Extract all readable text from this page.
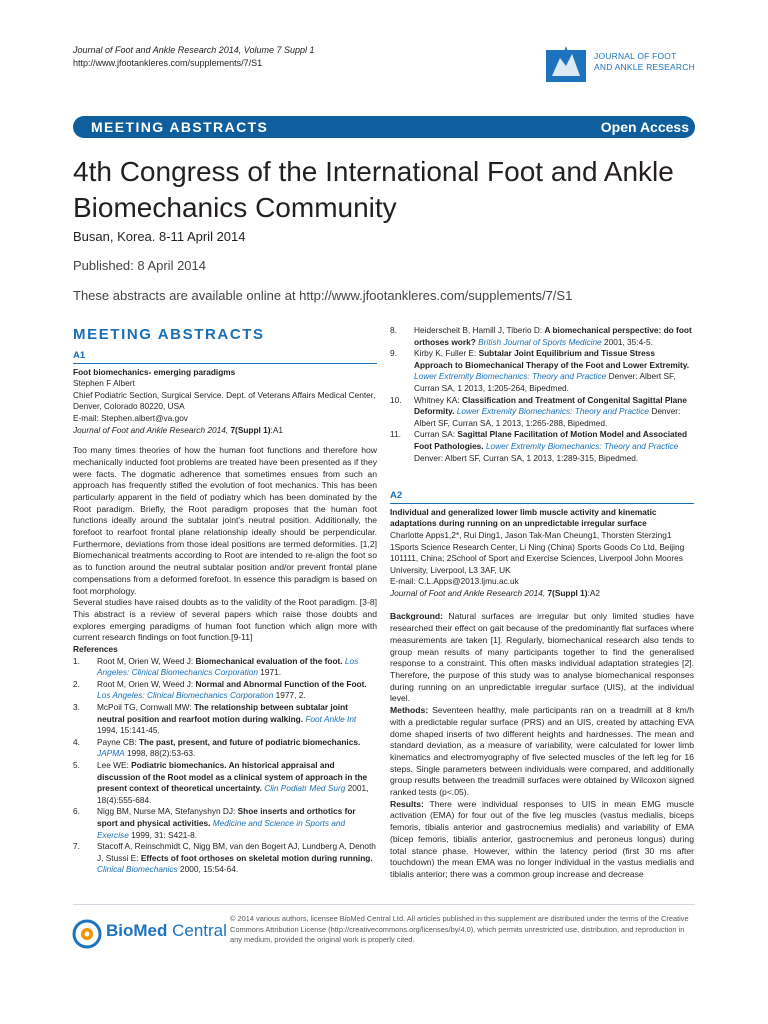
Journal of Foot and Ankle Research 2014, Volume 7 Suppl 1
http://www.jfootankleres.com/supplements/7/S1
JOURNAL OF FOOT
AND ANKLE RESEARCH
MEETING ABSTRACTS	Open Access
4th Congress of the International Foot and Ankle Biomechanics Community
Busan, Korea. 8-11 April 2014
Published: 8 April 2014
These abstracts are available online at http://www.jfootankleres.com/supplements/7/S1
MEETING ABSTRACTS
A1
Foot biomechanics- emerging paradigms
Stephen F Albert
Chief Podiatric Section, Surgical Service. Dept. of Veterans Affairs Medical Center, Denver, Colorado 80220, USA
E-mail: Stephen.albert@va.gov
Journal of Foot and Ankle Research 2014, 7(Suppl 1):A1
Too many times theories of how the human foot functions and therefore how mechanically inducted foot problems are treated have been presented as if they were facts. The dogmatic adherence that sometimes ensues from such an approach has frequently stifled the evolution of foot mechanics. This has been particularly apparent in the field of podiatry which has been dominated by the Root paradigm. Briefly, the Root paradigm proposes that the human foot functions ideally around the subtalar joint's neutral position. Additionally, the forefoot to rearfoot frontal plane relationship ideally should be perpendicular. Furthermore, deviations from those ideal positions are termed deformities. [1,2] Biomechanical treatments according to Root are intended to re-align the foot so as to function around the neutral subtalar position and/or prevent frontal plane compensations from a deformed forefoot. In essence this paradigm is based on foot morphology.
Several studies have raised doubts as to the validity of the Root paradigm. [3-8] This abstract is a review of several papers which raise those doubts and explores emerging paradigms of human foot function which align more with current research findings on foot function.[9-11]
References
1. Root M, Orien W, Weed J: Biomechanical evaluation of the foot. Los Angeles: Clinical Biomechanics Corporation 1971.
2. Root M, Orien W, Weed J: Normal and Abnormal Function of the Foot. Los Angeles: Clinical Biomechanics Corporation 1977, 2.
3. McPoil TG, Cornwall MW: The relationship between subtalar joint neutral position and rearfoot motion during walking. Foot Ankle Int 1994, 15:141-45.
4. Payne CB: The past, present, and future of podiatric biomechanics. JAPMA 1998, 88(2):53-63.
5. Lee WE: Podiatric biomechanics. An historical appraisal and discussion of the Root model as a clinical system of approach in the present context of theoretical uncertainty. Clin Podiatr Med Surg 2001, 18(4):555-684.
6. Nigg BM, Nurse MA, Stefanyshyn DJ: Shoe inserts and orthotics for sport and physical activities. Medicine and Science in Sports and Exercise 1999, 31: S421-8.
7. Stacoff A, Reinschmidt C, Nigg BM, van den Bogert AJ, Lundberg A, Denoth J, Stussi E: Effects of foot orthoses on skeletal motion during running. Clinical Biomechanics 2000, 15:54-64.
8. Heiderscheit B, Hamill J, Tiberio D: A biomechanical perspective: do foot orthoses work? British Journal of Sports Medicine 2001, 35:4-5.
9. Kirby K, Fuller E: Subtalar Joint Equilibrium and Tissue Stress Approach to Biomechanical Therapy of the Foot and Lower Extremity. Lower Extremity Biomechanics: Theory and Practice Denver: Albert SF, Curran SA, 1 2013, 1:205-264, Bipedmed.
10. Whitney KA: Classification and Treatment of Congenital Sagittal Plane Deformity. Lower Extremity Biomechanics: Theory and Practice Denver: Albert SF, Curran SA, 1 2013, 1:265-288, Bipedmed.
11. Curran SA: Sagittal Plane Facilitation of Motion Model and Associated Foot Pathologies. Lower Extremity Biomechanics: Theory and Practice Denver: Albert SF, Curran SA, 1 2013, 1:289-315, Bipedmed.
A2
Individual and generalized lower limb muscle activity and kinematic adaptations during running on an unpredictable irregular surface
Charlotte Apps1,2*, Rui Ding1, Jason Tak-Man Cheung1, Thorsten Sterzing1
1Sports Science Research Center, Li Ning (China) Sports Goods Co Ltd, Beijing 101111, China; 2School of Sport and Exercise Sciences, Liverpool John Moores University, Liverpool, L3 3AF, UK
E-mail: C.L.Apps@2013.ljmu.ac.uk
Journal of Foot and Ankle Research 2014, 7(Suppl 1):A2
Background: Natural surfaces are irregular but only limited studies have researched their effect on gait because of the predominantly flat surfaces where measurements are taken [1]. Regularly, biomechanical research also tends to group mean results of many participants together to find the generalised response to a constraint. This often masks individual adaptation strategies [2]. Therefore, the purpose of this study was to analyse biomechanical responses during running on an unpredictable irregular surface (UIS), at the individual level.
Methods: Seventeen healthy, male participants ran on a treadmill at 8 km/h with a predictable regular surface (PRS) and an UIS, created by attaching EVA dome shaped inserts of two different heights and hardnesses. The mean and standard deviation, as a measure of variability, were calculated for lower limb kinematics and electromyography of five selected muscles of the left leg for 16 steps. Single parameters between individuals were compared, and additionally group results between the treadmill surfaces were obtained by Wilcoxon signed ranked tests (p<.05).
Results: There were individual responses to UIS in mean EMG muscle activation (EMA) for four out of the five leg muscles (vastus medialis, biceps femoris, tibialis anterior and gastrocnemius medialis) and variability of EMA (bicep femoris, tibialis anterior, gastrocnemius and peroneus longus) during total stance phase. However, within the latency period (first 30 ms after touchdown) the mean EMA was no longer individual in the vastus medialis and tibialis anterior; there was a common group increase and decrease
BioMed Central
© 2014 various authors, licensee BioMed Central Ltd. All articles published in this supplement are distributed under the terms of the Creative Commons Attribution License (http://creativecommons.org/licenses/by/4.0), which permits unrestricted use, distribution, and reproduction in any medium, provided the original work is properly cited.
